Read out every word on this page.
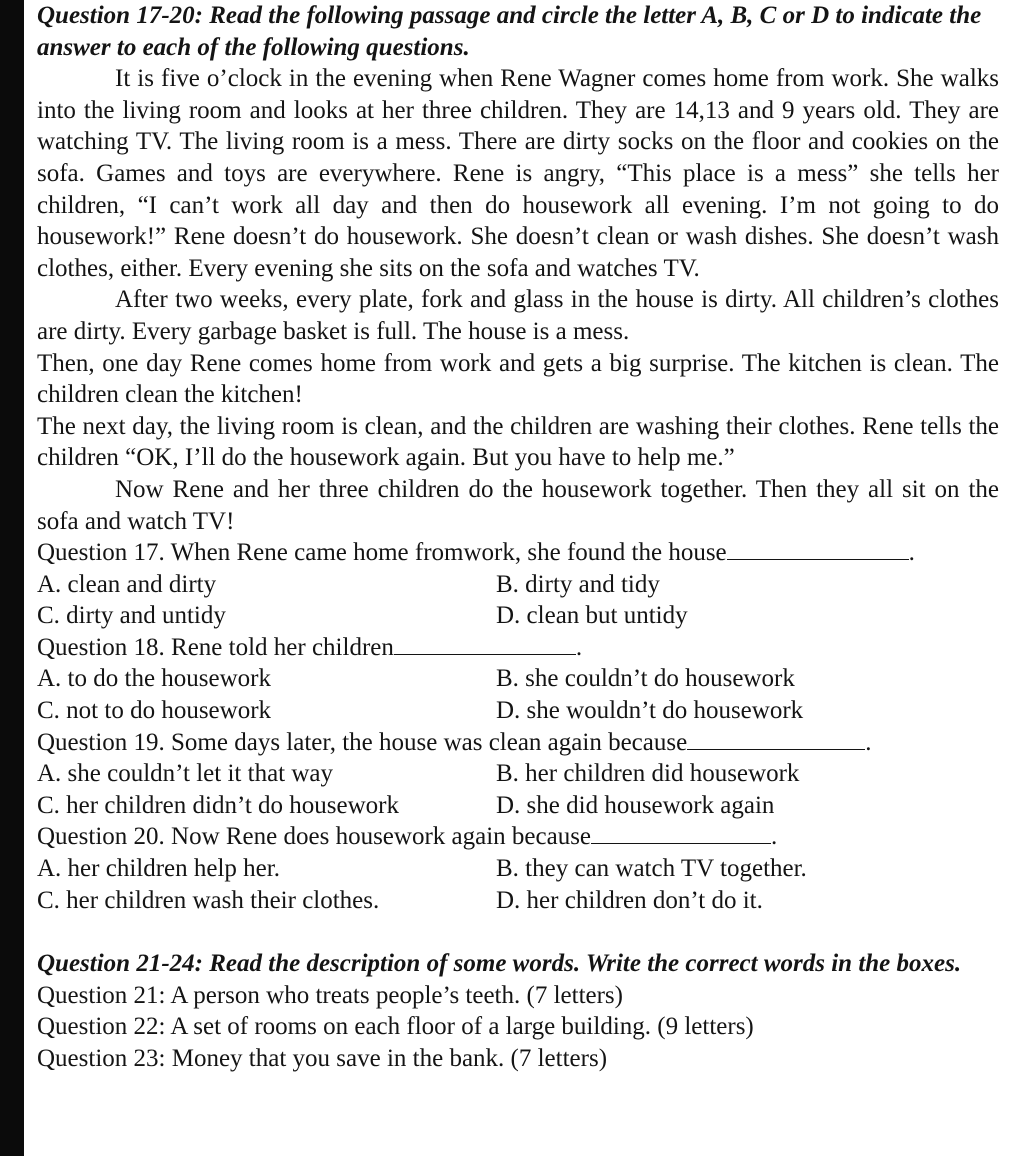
Question 17-20: Read the following passage and circle the letter A, B, C or D to indicate the answer to each of the following questions.

It is five o’clock in the evening when Rene Wagner comes home from work. She walks into the living room and looks at her three children. They are 14,13 and 9 years old. They are watching TV. The living room is a mess. There are dirty socks on the floor and cookies on the sofa. Games and toys are everywhere. Rene is angry, “This place is a mess” she tells her children, “I can’t work all day and then do housework all evening. I’m not going to do housework!” Rene doesn’t do housework. She doesn’t clean or wash dishes. She doesn’t wash clothes, either. Every evening she sits on the sofa and watches TV.

After two weeks, every plate, fork and glass in the house is dirty. All children’s clothes are dirty. Every garbage basket is full. The house is a mess.

Then, one day Rene comes home from work and gets a big surprise. The kitchen is clean. The children clean the kitchen!

The next day, the living room is clean, and the children are washing their clothes. Rene tells the children “OK, I’ll do the housework again. But you have to help me.”

Now Rene and her three children do the housework together. Then they all sit on the sofa and watch TV!

Question 17. When Rene came home fromwork, she found the house	.

A. clean and dirty	B. dirty and tidy
C. dirty and untidy	D. clean but untidy

Question 18. Rene told her children	.

A. to do the housework	B. she couldn’t do housework
C. not to do housework	D. she wouldn’t do housework

Question 19. Some days later, the house was clean again because	.

A. she couldn’t let it that way	B. her children did housework
C. her children didn’t do housework	D. she did housework again

Question 20. Now Rene does housework again because	.

A. her children help her.	B. they can watch TV together.
C. her children wash their clothes.	D. her children don’t do it.

Question 21-24: Read the description of some words. Write the correct words in the boxes.

Question 21: A person who treats people’s teeth. (7 letters)

Question 22: A set of rooms on each floor of a large building. (9 letters)

Question 23: Money that you save in the bank. (7 letters)
